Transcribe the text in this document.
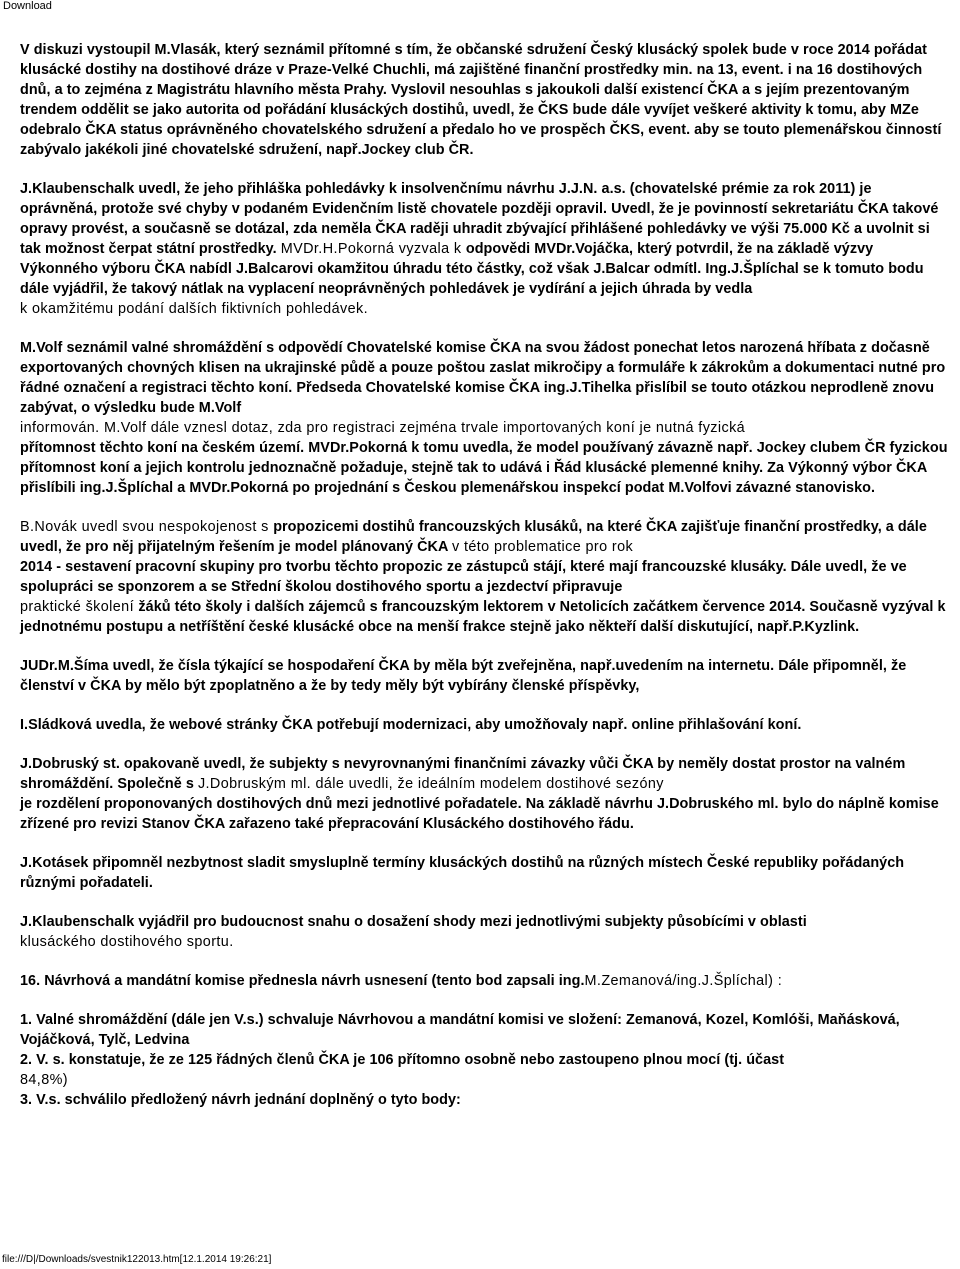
Download

V diskuzi vystoupil M.Vlasák, který seznámil přítomné s tím, že občanské sdružení Český klusácký spolek bude v roce 2014 pořádat klusácké dostihy na dostihové dráze v Praze-Velké Chuchli, má zajištěné finanční prostředky min. na 13, event. i na 16 dostihových dnů, a to zejména z Magistrátu hlavního města Prahy. Vyslovil nesouhlas s jakoukoli další existencí ČKA a s jejím prezentovaným trendem oddělit se jako autorita od pořádání klusáckých dostihů, uvedl, že ČKS bude dále vyvíjet veškeré aktivity k tomu, aby MZe odebralo ČKA status oprávněného chovatelského sdružení a předalo ho ve prospěch ČKS, event. aby se touto plemenářskou činností zabývalo jakékoli jiné chovatelské sdružení, např.Jockey club ČR.

J.Klaubenschalk uvedl, že jeho přihláška pohledávky k insolvenčnímu návrhu J.J.N. a.s. (chovatelské prémie za rok 2011) je oprávněná, protože své chyby v podaném Evidenčním listě chovatele později opravil. Uvedl, že je povinností sekretariátu ČKA takové opravy provést, a současně se dotázal, zda neměla ČKA raději uhradit zbývající přihlášené pohledávky ve výši 75.000 Kč a uvolnit si tak možnost čerpat státní prostředky. MVDr.H.Pokorná vyzvala k odpovědi MVDr.Vojáčka, který potvrdil, že na základě výzvy Výkonného výboru ČKA nabídl J.Balcarovi okamžitou úhradu této částky, což však J.Balcar odmítl. Ing.J.Šplíchal se k tomuto bodu dále vyjádřil, že takový nátlak na vyplacení neoprávněných pohledávek je vydírání a jejich úhrada by vedla
k okamžitému podání dalších fiktivních pohledávek.

M.Volf seznámil valné shromáždění s odpovědí Chovatelské komise ČKA na svou žádost ponechat letos narozená hříbata z dočasně exportovaných chovných klisen na ukrajinské půdě a pouze poštou zaslat mikročipy a formuláře k zákrokům a dokumentaci nutné pro řádné označení a registraci těchto koní. Předseda Chovatelské komise ČKA ing.J.Tihelka přislíbil se touto otázkou neprodleně znovu zabývat, o výsledku bude M.Volf
informován. M.Volf dále vznesl dotaz, zda pro registraci zejména trvale importovaných koní je nutná fyzická
přítomnost těchto koní na českém území. MVDr.Pokorná k tomu uvedla, že model používaný závazně např. Jockey clubem ČR fyzickou přítomnost koní a jejich kontrolu jednoznačně požaduje, stejně tak to udává i Řád klusácké plemenné knihy. Za Výkonný výbor ČKA přislíbili ing.J.Šplíchal a MVDr.Pokorná po projednání s Českou plemenářskou inspekcí podat M.Volfovi závazné stanovisko.

B.Novák uvedl svou nespokojenost s propozicemi dostihů francouzských klusáků, na které ČKA zajišťuje finanční prostředky, a dále uvedl, že pro něj přijatelným řešením je model plánovaný ČKA v této problematice pro rok
2014 - sestavení pracovní skupiny pro tvorbu těchto propozic ze zástupců stájí, které mají francouzské klusáky. Dále uvedl, že ve spolupráci se sponzorem a se Střední školou dostihového sportu a jezdectví připravuje
praktické školení žáků této školy i dalších zájemců s francouzským lektorem v Netolicích začátkem července 2014. Současně vyzýval k jednotnému postupu a netříštění české klusácké obce na menší frakce stejně jako někteří další diskutující, např.P.Kyzlink.

JUDr.M.Šíma uvedl, že čísla týkající se hospodaření ČKA by měla být zveřejněna, např.uvedením na internetu. Dále připomněl, že členství v ČKA by mělo být zpoplatněno a že by tedy měly být vybírány členské příspěvky,

I.Sládková uvedla, že webové stránky ČKA potřebují modernizaci, aby umožňovaly např. online přihlašování koní.

J.Dobruský st. opakovaně uvedl, že subjekty s nevyrovnanými finančními závazky vůči ČKA by neměly dostat prostor na valném shromáždění. Společně s J.Dobruským ml. dále uvedli, že ideálním modelem dostihové sezóny
je rozdělení proponovaných dostihových dnů mezi jednotlivé pořadatele. Na základě návrhu J.Dobruského ml. bylo do náplně komise zřízené pro revizi Stanov ČKA zařazeno také přepracování Klusáckého dostihového řádu.

J.Kotásek připomněl nezbytnost sladit smysluplně termíny klusáckých dostihů na různých místech České republiky pořádaných různými pořadateli.

J.Klaubenschalk vyjádřil pro budoucnost snahu o dosažení shody mezi jednotlivými subjekty působícími v oblasti
klusáckého dostihového sportu.

16. Návrhová a mandátní komise přednesla návrh usnesení (tento bod zapsali ing.M.Zemanová/ing.J.Šplíchal) :

1. Valné shromáždění (dále jen V.s.) schvaluje Návrhovou a mandátní komisi ve složení: Zemanová, Kozel, Komlóši, Maňásková, Vojáčková, Tylč, Ledvina
2. V. s. konstatuje, že ze 125 řádných členů ČKA je 106 přítomno osobně nebo zastoupeno plnou mocí (tj. účast
84,8%)
3. V.s. schválilo předložený návrh jednání doplněný o tyto body:

file:///D|/Downloads/svestnik122013.htm[12.1.2014 19:26:21]
